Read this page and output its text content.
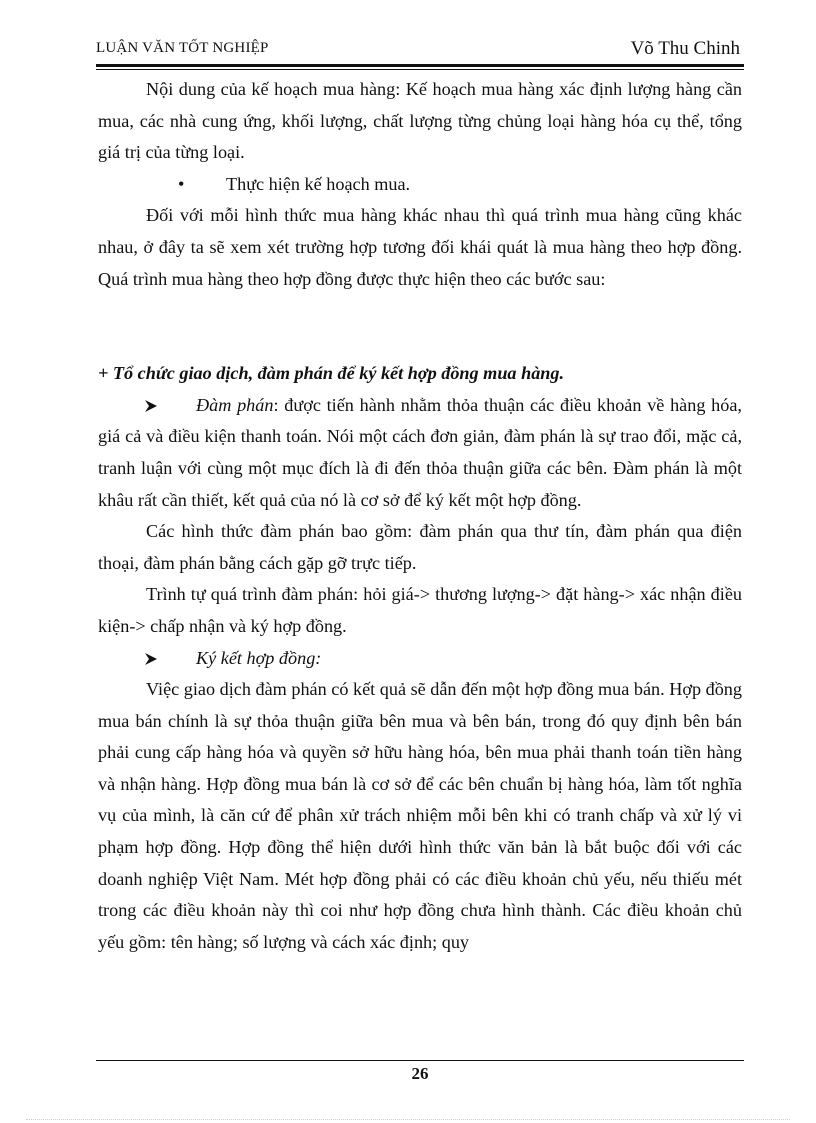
LUẬN VĂN TỐT NGHIỆP	Võ Thu Chinh

Nội dung của kế hoạch mua hàng: Kế hoạch mua hàng xác định lượng hàng cần mua, các nhà cung ứng, khối lượng, chất lượng từng chủng loại hàng hóa cụ thể, tổng giá trị của từng loại.

• Thực hiện kế hoạch mua.

Đối với mỗi hình thức mua hàng khác nhau thì quá trình mua hàng cũng khác nhau, ở đây ta sẽ xem xét trường hợp tương đối khái quát là mua hàng theo hợp đồng. Quá trình mua hàng theo hợp đồng được thực hiện theo các bước sau:

+ Tổ chức giao dịch, đàm phán để ký kết hợp đồng mua hàng.

Đàm phán: được tiến hành nhằm thỏa thuận các điều khoản về hàng hóa, giá cả và điều kiện thanh toán. Nói một cách đơn giản, đàm phán là sự trao đổi, mặc cả, tranh luận với cùng một mục đích là đi đến thỏa thuận giữa các bên. Đàm phán là một khâu rất cần thiết, kết quả của nó là cơ sở để ký kết một hợp đồng.

Các hình thức đàm phán bao gồm: đàm phán qua thư tín, đàm phán qua điện thoại, đàm phán bằng cách gặp gỡ trực tiếp.

Trình tự quá trình đàm phán: hỏi giá-> thương lượng-> đặt hàng-> xác nhận điều kiện-> chấp nhận và ký hợp đồng.

Ký kết hợp đồng:

Việc giao dịch đàm phán có kết quả sẽ dẫn đến một hợp đồng mua bán. Hợp đồng mua bán chính là sự thỏa thuận giữa bên mua và bên bán, trong đó quy định bên bán phải cung cấp hàng hóa và quyền sở hữu hàng hóa, bên mua phải thanh toán tiền hàng và nhận hàng. Hợp đồng mua bán là cơ sở để các bên chuẩn bị hàng hóa, làm tốt nghĩa vụ của mình, là căn cứ để phân xử trách nhiệm mỗi bên khi có tranh chấp và xử lý vi phạm hợp đồng. Hợp đồng thể hiện dưới hình thức văn bản là bắt buộc đối với các doanh nghiệp Việt Nam. Mét hợp đồng phải có các điều khoản chủ yếu, nếu thiếu mét trong các điều khoản này thì coi như hợp đồng chưa hình thành. Các điều khoản chủ yếu gồm: tên hàng; số lượng và cách xác định; quy

26
